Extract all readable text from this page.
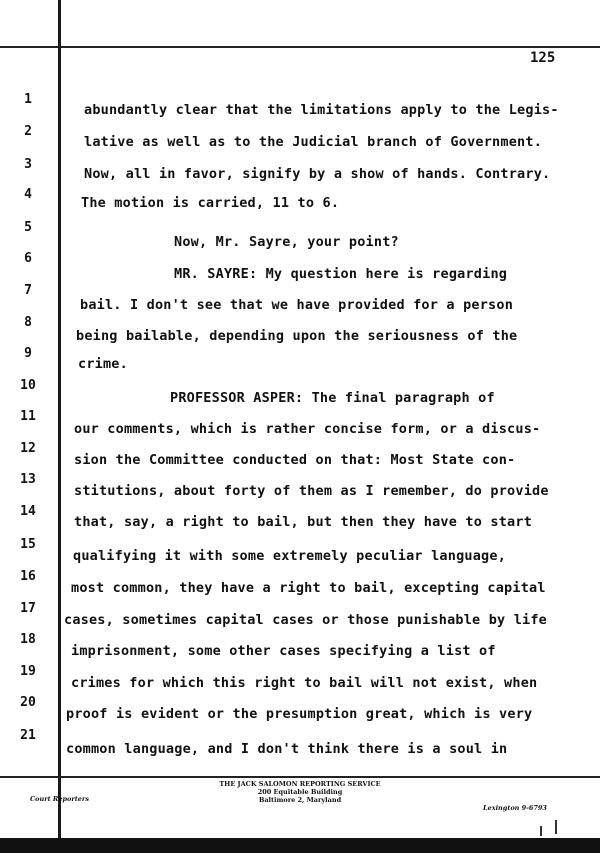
125
1
2
3
4
5
6
7
8
9
10
11
12
13
14
15
16
17
18
19
20
21
abundantly clear that the limitations apply to the Legis-
lative as well as to the Judicial branch of Government.
Now, all in favor, signify by a show of hands. Contrary.
The motion is carried, 11 to 6.
Now, Mr. Sayre, your point?
MR. SAYRE: My question here is regarding
bail. I don't see that we have provided for a person
being bailable, depending upon the seriousness of the
crime.
PROFESSOR ASPER: The final paragraph of
our comments, which is rather concise form, or a discus-
sion the Committee conducted on that: Most State con-
stitutions, about forty of them as I remember, do provide
that, say, a right to bail, but then they have to start
qualifying it with some extremely peculiar language,
most common, they have a right to bail, excepting capital
cases, sometimes capital cases or those punishable by life
imprisonment, some other cases specifying a list of
crimes for which this right to bail will not exist, when
proof is evident or the presumption great, which is very
common language, and I don't think there is a soul in
THE JACK SALOMON REPORTING SERVICE
200 Equitable Building
Baltimore 2, Maryland
Court Reporters
Lexington 9-6793
